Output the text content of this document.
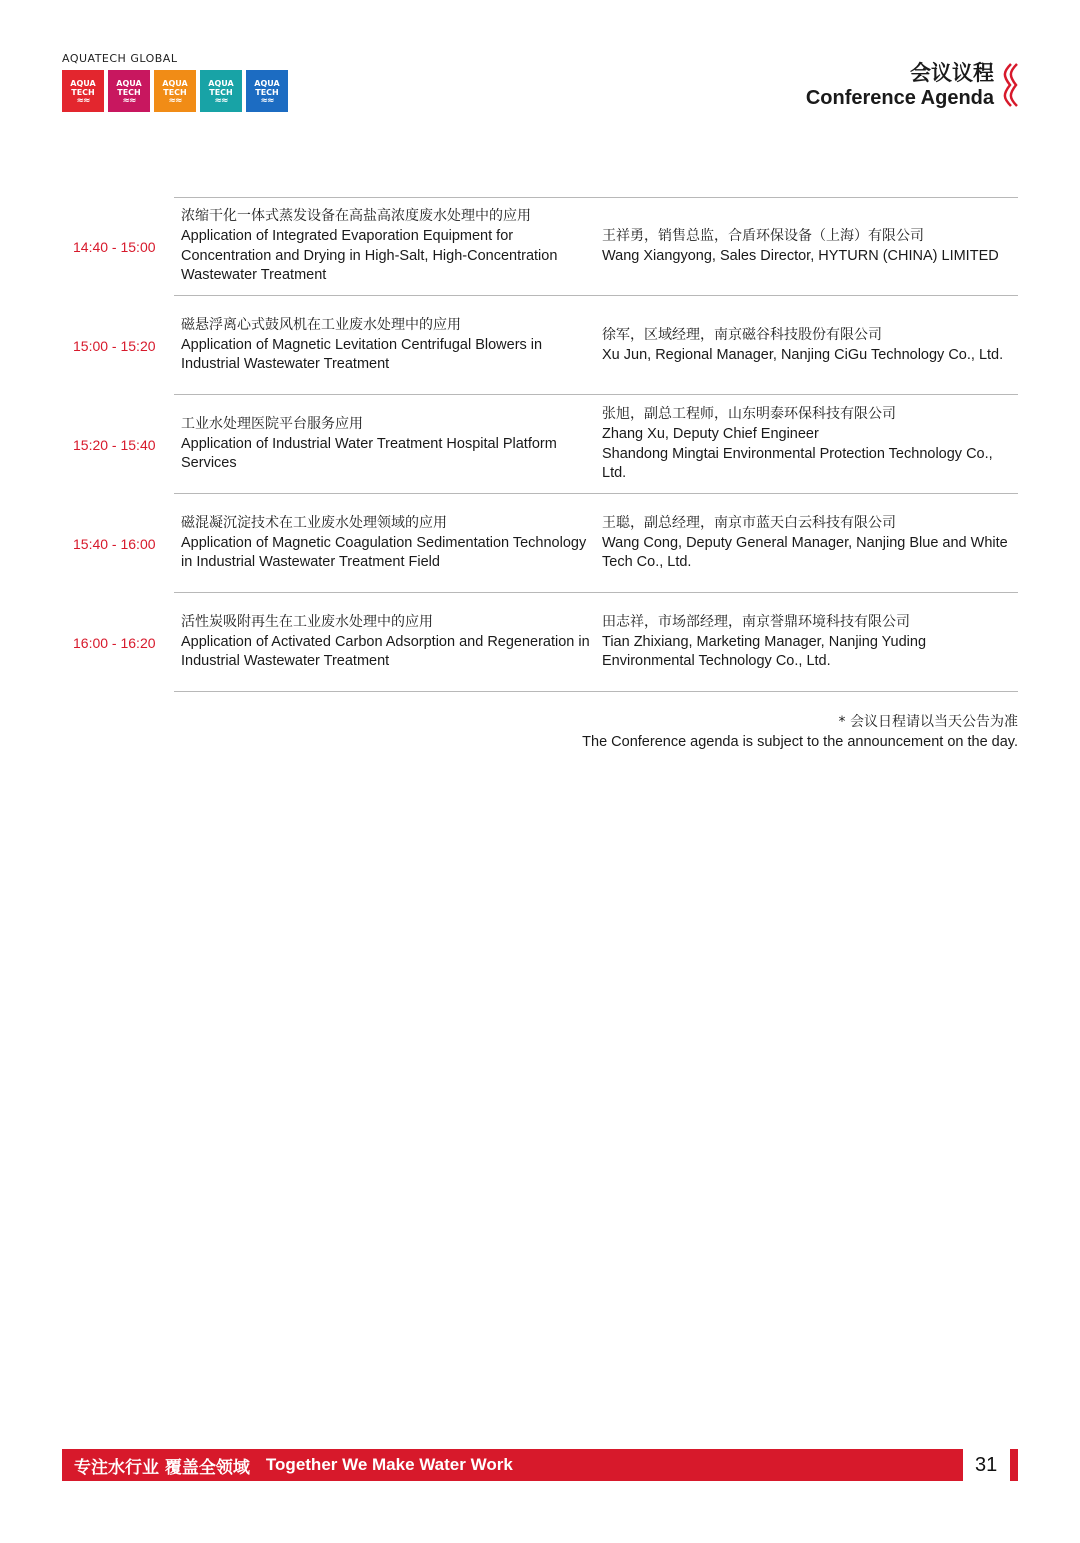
AQUATECH GLOBAL
AQUA
TECH
≈≈
AQUA
TECH
≈≈
AQUA
TECH
≈≈
AQUA
TECH
≈≈
AQUA
TECH
≈≈
会议议程
Conference Agenda
14:40 - 15:00
浓缩干化一体式蒸发设备在高盐高浓度废水处理中的应用
Application of Integrated Evaporation Equipment for Concentration and Drying in High-Salt, High-Concentration Wastewater Treatment
王祥勇，销售总监，合盾环保设备（上海）有限公司
Wang Xiangyong, Sales Director, HYTURN (CHINA) LIMITED
15:00 - 15:20
磁悬浮离心式鼓风机在工业废水处理中的应用
Application of Magnetic Levitation Centrifugal Blowers in Industrial Wastewater Treatment
徐军，区域经理，南京磁谷科技股份有限公司
Xu Jun, Regional Manager, Nanjing CiGu Technology Co., Ltd.
15:20 - 15:40
工业水处理医院平台服务应用
Application of Industrial Water Treatment Hospital Platform Services
张旭，副总工程师，山东明泰环保科技有限公司
Zhang Xu, Deputy Chief Engineer
Shandong Mingtai Environmental Protection Technology Co., Ltd.
15:40 - 16:00
磁混凝沉淀技术在工业废水处理领域的应用
Application of Magnetic Coagulation Sedimentation Technology in Industrial Wastewater Treatment Field
王聪，副总经理，南京市蓝天白云科技有限公司
Wang Cong, Deputy General Manager, Nanjing Blue and White Tech Co., Ltd.
16:00 - 16:20
活性炭吸附再生在工业废水处理中的应用
Application of Activated Carbon Adsorption and Regeneration in Industrial Wastewater Treatment
田志祥，市场部经理，南京誉鼎环境科技有限公司
Tian Zhixiang, Marketing Manager, Nanjing Yuding Environmental Technology Co., Ltd.
* 会议日程请以当天公告为准
The Conference agenda is subject to the announcement on the day.
专注水行业 覆盖全领域 Together We Make Water Work	31
